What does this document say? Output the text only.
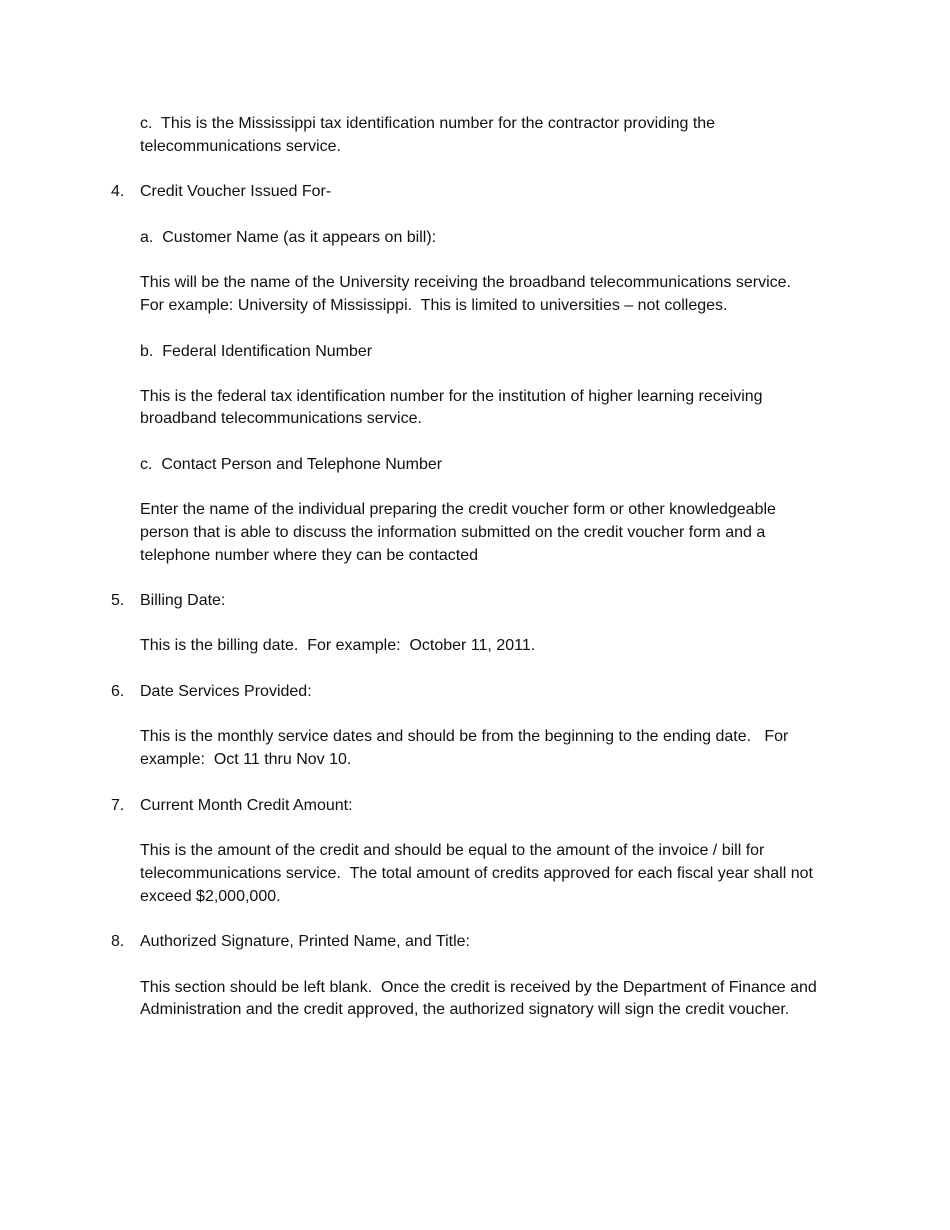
c.  This is the Mississippi tax identification number for the contractor providing the
telecommunications service.
4. Credit Voucher Issued For-
a.  Customer Name (as it appears on bill):
This will be the name of the University receiving the broadband telecommunications service.
For example: University of Mississippi.  This is limited to universities – not colleges.
b.  Federal Identification Number
This is the federal tax identification number for the institution of higher learning receiving
broadband telecommunications service.
c.  Contact Person and Telephone Number
Enter the name of the individual preparing the credit voucher form or other knowledgeable
person that is able to discuss the information submitted on the credit voucher form and a
telephone number where they can be contacted
5. Billing Date:
This is the billing date.  For example:  October 11, 2011.
6. Date Services Provided:
This is the monthly service dates and should be from the beginning to the ending date.   For
example:  Oct 11 thru Nov 10.
7. Current Month Credit Amount:
This is the amount of the credit and should be equal to the amount of the invoice / bill for
telecommunications service.  The total amount of credits approved for each fiscal year shall not
exceed $2,000,000.
8. Authorized Signature, Printed Name, and Title:
This section should be left blank.  Once the credit is received by the Department of Finance and
Administration and the credit approved, the authorized signatory will sign the credit voucher.
